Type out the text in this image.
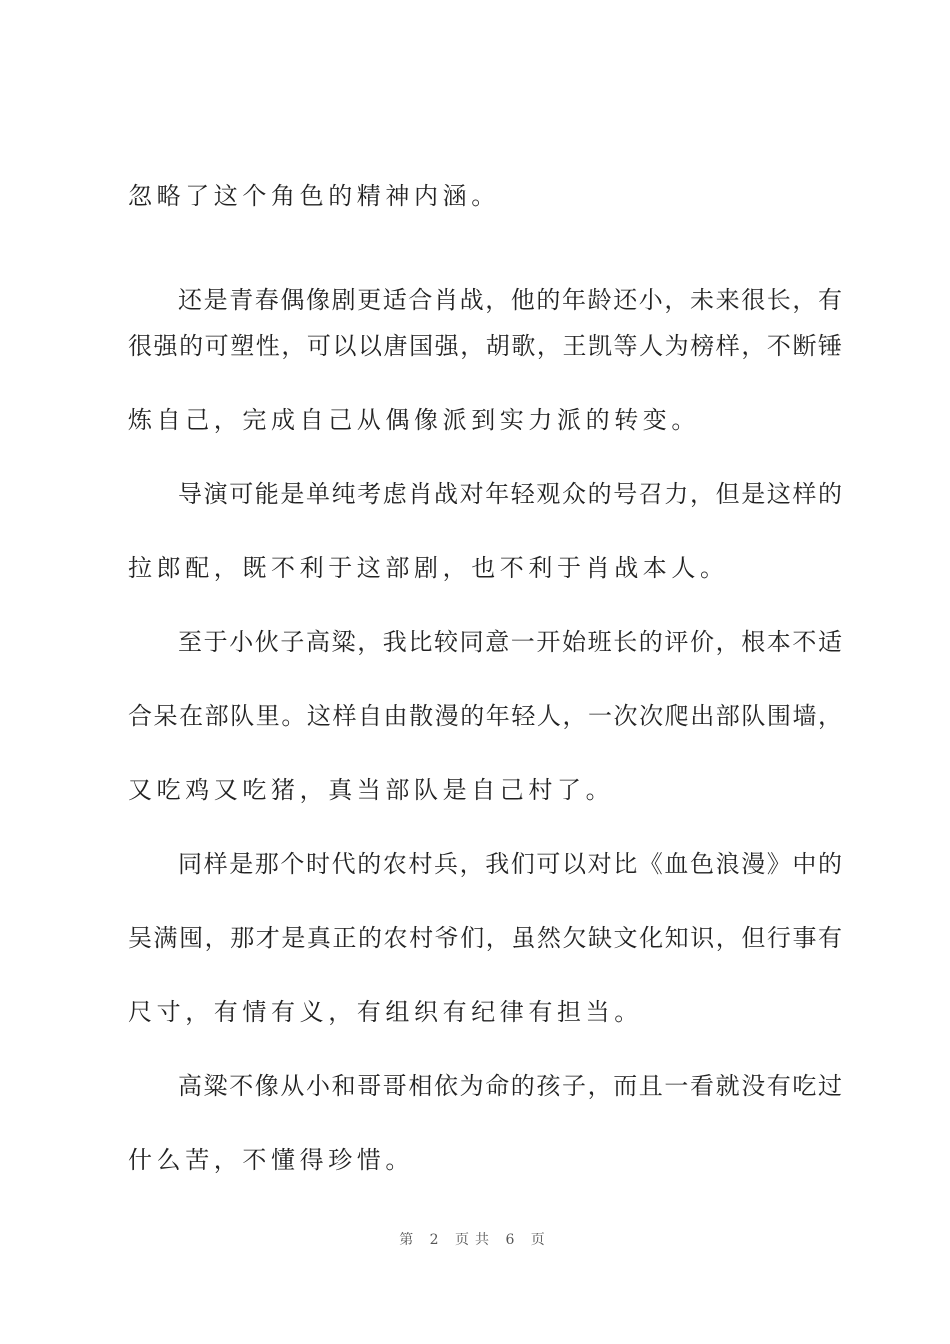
忽略了这个角色的精神内涵。
还是青春偶像剧更适合肖战，他的年龄还小，未来很长，有
很强的可塑性，可以以唐国强，胡歌，王凯等人为榜样，不断锤
炼自己，完成自己从偶像派到实力派的转变。
导演可能是单纯考虑肖战对年轻观众的号召力，但是这样的
拉郎配，既不利于这部剧，也不利于肖战本人。
至于小伙子高粱，我比较同意一开始班长的评价，根本不适
合呆在部队里。这样自由散漫的年轻人，一次次爬出部队围墙，
又吃鸡又吃猪，真当部队是自己村了。
同样是那个时代的农村兵，我们可以对比《血色浪漫》中的
吴满囤，那才是真正的农村爷们，虽然欠缺文化知识，但行事有
尺寸，有情有义，有组织有纪律有担当。
高粱不像从小和哥哥相依为命的孩子，而且一看就没有吃过
什么苦，不懂得珍惜。
第 2 页共 6 页
